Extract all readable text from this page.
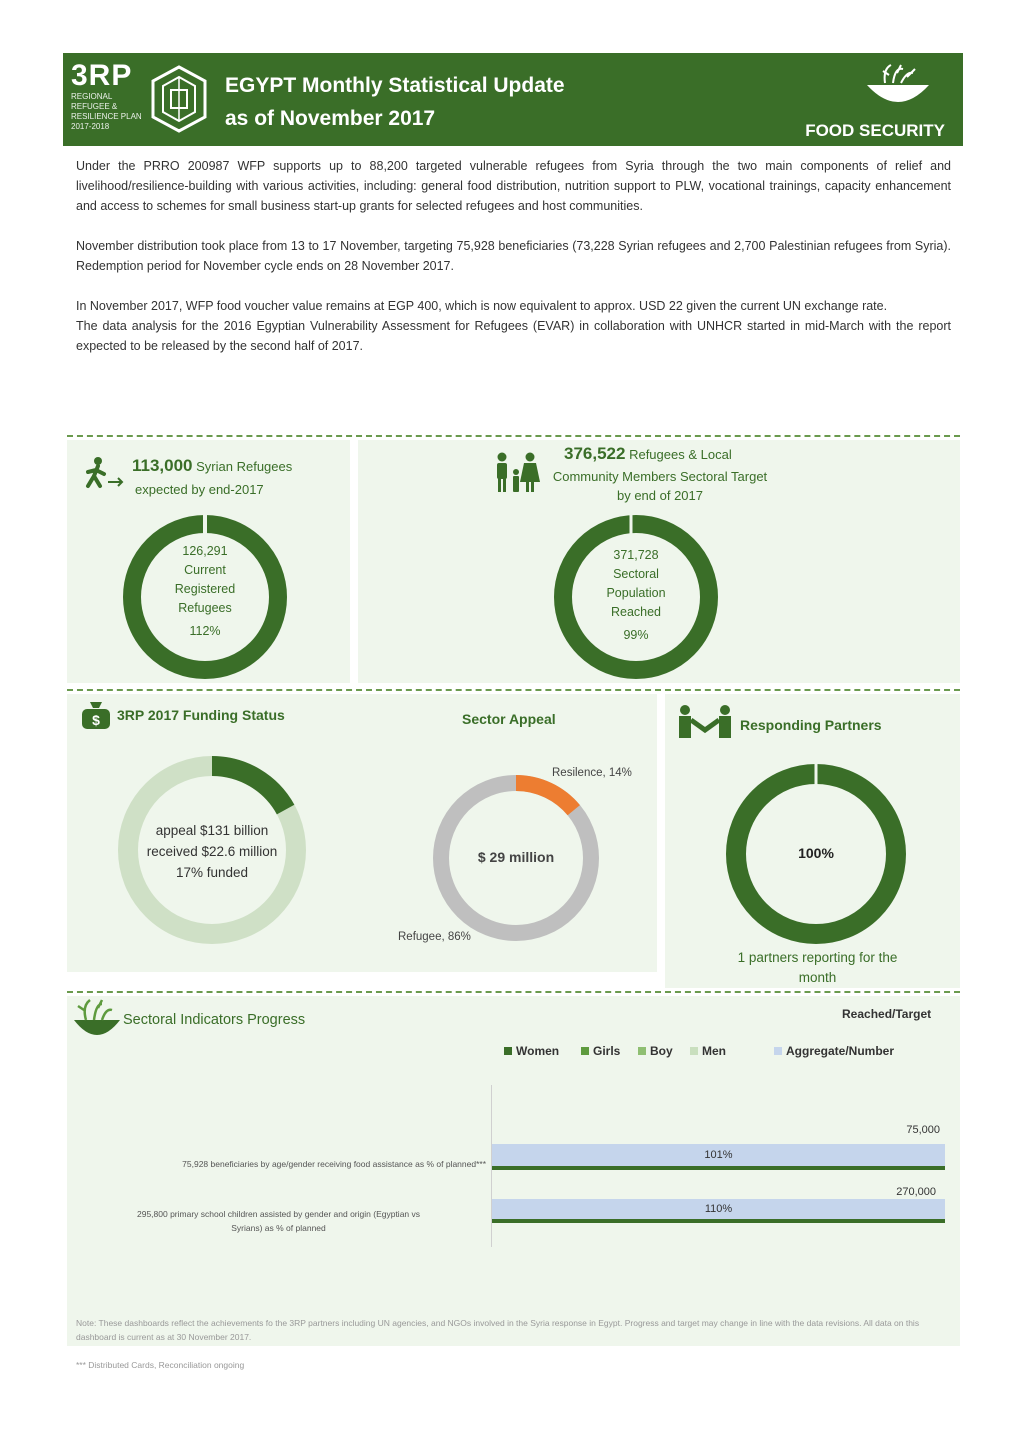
3RP
REGIONAL REFUGEE & RESILIENCE PLAN 2017-2018
EGYPT Monthly Statistical Update
as of November 2017
FOOD SECURITY

Under the PRRO 200987 WFP supports up to 88,200 targeted vulnerable refugees from Syria through the two main components of relief and livelihood/resilience-building with various activities, including: general food distribution, nutrition support to PLW, vocational trainings, capacity enhancement and access to schemes for small business start-up grants for selected refugees and host communities.

November distribution took place from 13 to 17 November, targeting 75,928 beneficiaries (73,228 Syrian refugees and 2,700 Palestinian refugees from Syria). Redemption period for November cycle ends on 28 November 2017.

In November 2017, WFP food voucher value remains at EGP 400, which is now equivalent to approx. USD 22 given the current UN exchange rate.

The data analysis for the 2016 Egyptian Vulnerability Assessment for Refugees (EVAR) in collaboration with UNHCR started in mid-March with the report expected to be released by the second half of 2017.

113,000 Syrian Refugees
expected by end-2017
126,291
Current
Registered
Refugees
112%
376,522 Refugees & Local
Community Members Sectoral Target
by end of 2017
371,728
Sectoral
Population
Reached
99%
$ 3RP 2017 Funding Status
appeal $131 billion
received $22.6 million
17% funded
Sector Appeal
$ 29 million
Resilence, 14%
Refugee, 86%
Responding Partners
100%
1 partners reporting for the
month
Sectoral Indicators Progress	Reached/Target
Women	Girls Boy Men	Aggregate/Number
75,928 beneficiaries by age/gender receiving food assistance as % of planned***
75,000
101%
295,800 primary school children assisted by gender and origin (Egyptian vs
Syrians) as % of planned
270,000
110%
Note: These dashboards reflect the achievements fo the 3RP partners including UN agencies, and NGOs involved in the Syria response in Egypt. Progress and target may change in line with the data revisions. All data on this dashboard is current as at 30 November 2017.
*** Distributed Cards, Reconciliation ongoing
